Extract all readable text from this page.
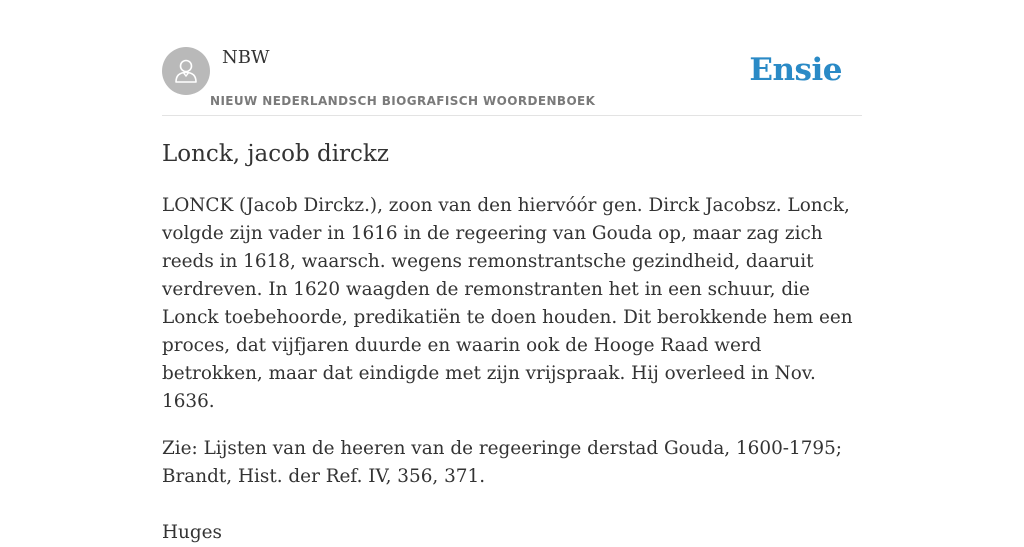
NBW
NIEUW NEDERLANDSCH BIOGRAFISCH WOORDENBOEK
Ensie
Lonck, jacob dirckz

LONCK (Jacob Dirckz.), zoon van den hiervóór gen. Dirck Jacobsz. Lonck, volgde zijn vader in 1616 in de regeering van Gouda op, maar zag zich reeds in 1618, waarsch. wegens remonstrantsche gezindheid, daaruit verdreven. In 1620 waagden de remonstranten het in een schuur, die Lonck toebehoorde, predikatiën te doen houden. Dit berokkende hem een proces, dat vijfjaren duurde en waarin ook de Hooge Raad werd betrokken, maar dat eindigde met zijn vrijspraak. Hij overleed in Nov. 1636.

Zie: Lijsten van de heeren van de regeeringe derstad Gouda, 1600-1795; Brandt, Hist. der Ref. IV, 356, 371.

Huges
